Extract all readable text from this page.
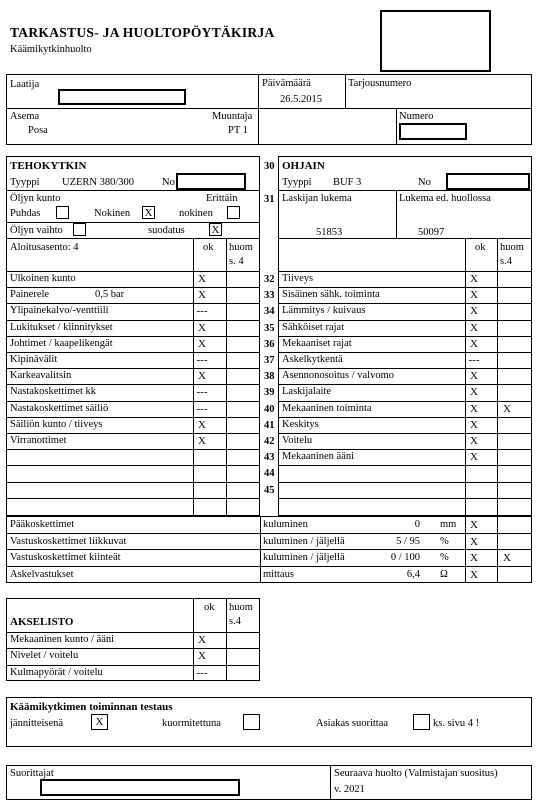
TARKASTUS- JA HUOLTOPÖYTÄKIRJA
Käämikytkinhuolto
Laatija	Päivämäärä
26.5.2015
Tarjousnumero
Asema
Posa
Muuntaja
PT 1
Numero
TEHOKYTKIN
Tyyppi UZERN 380/300	No
Öljyn kunto	Erittäin
Puhdas	Nokinen X	nokinen
Öljyn vaihto	suodatus X
Aloitusasento: 4	ok huom
s. 4
Ulkoinen kunto	X
Painerele	0,5 bar	X
Ylipainekalvo/-venttiili	---
Lukitukset / kiinnitykset	X
Johtimet / kaapelikengät	X
Kipinävälit	---
Karkeavalitsin	X
Nastakoskettimet kk	---
Nastakoskettimet säiliö	---
Säiliön kunto / tiiveys	X
Virranottimet	X
30 OHJAIN
Tyyppi BUF 3	No
31 Laskijan lukema	Lukema ed. huollossa
51853	50097
ok huom
s.4
32 Tiiveys	X
33 Sisäinen sähk. toiminta	X
34 Lämmitys / kuivaus	X
35 Sähköiset rajat	X
36 Mekaaniset rajat	X
37 Askelkytkentä	---
38 Asennonosoitus / valvomo	X
39 Laskijalaite	X
40 Mekaaninen toiminta	X X
41 Keskitys	X
42 Voitelu	X
43 Mekaaninen ääni	X
44
45
Pääkoskettimet	kuluminen	0 mm X
Vastuskoskettimet liikkuvat	kuluminen / jäljellä	5 / 95 % X
Vastuskoskettimet kiinteät	kuluminen / jäljellä	0 / 100 % X X
Askelvastukset	mittaus	6,4 Ω X
ok huom
s.4
AKSELISTO
Mekaaninen kunto / ääni	X
Nivelet / voitelu	X
Kulmapyörät / voitelu	---
Käämikytkimen toiminnan testaus
jännitteisenä	X	kuormitettuna	Asiakas suorittaa	ks. sivu 4 !
Suorittajat	Seuraava huolto (Valmistajan suositus)
v. 2021
